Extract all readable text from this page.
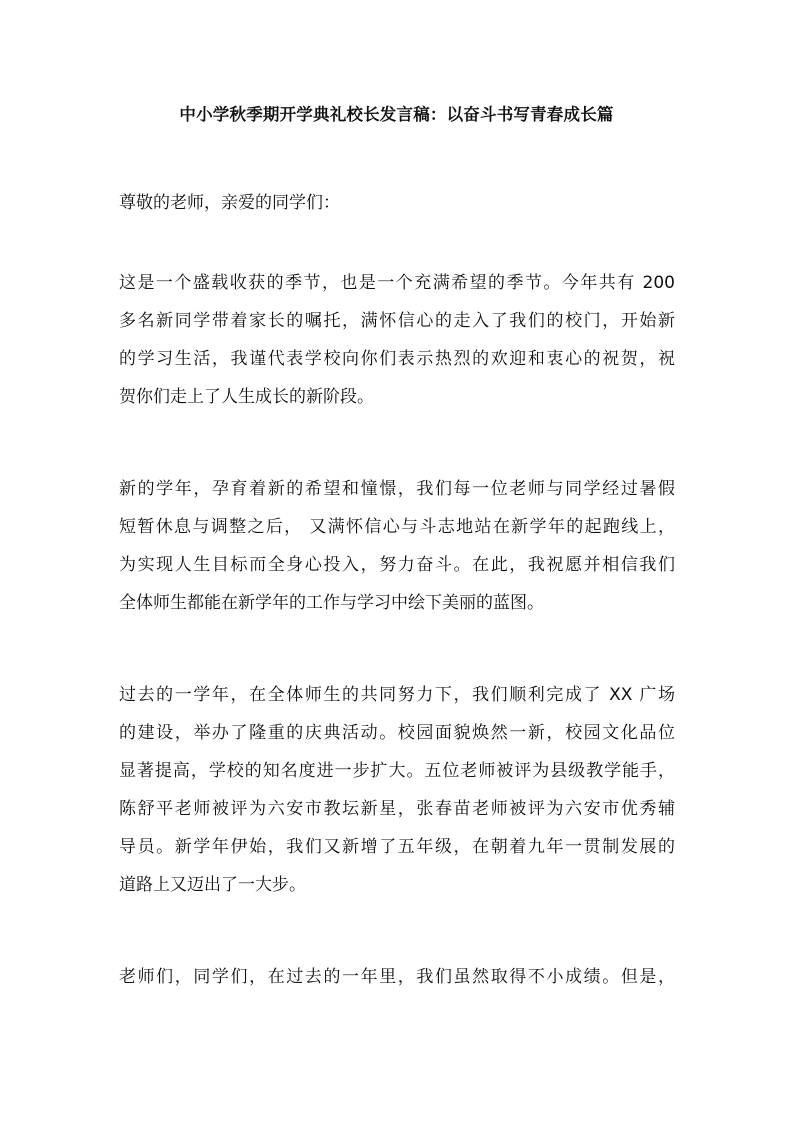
中小学秋季期开学典礼校长发言稿：以奋斗书写青春成长篇
尊敬的老师，亲爱的同学们：
这是一个盛载收获的季节，也是一个充满希望的季节。今年共有 200
多名新同学带着家长的嘱托，满怀信心的走入了我们的校门，开始新
的学习生活，我谨代表学校向你们表示热烈的欢迎和衷心的祝贺，祝
贺你们走上了人生成长的新阶段。
新的学年，孕育着新的希望和憧憬，我们每一位老师与同学经过暑假
短暂休息与调整之后， 又满怀信心与斗志地站在新学年的起跑线上，
为实现人生目标而全身心投入，努力奋斗。在此，我祝愿并相信我们
全体师生都能在新学年的工作与学习中绘下美丽的蓝图。
过去的一学年，在全体师生的共同努力下，我们顺利完成了 XX 广场
的建设，举办了隆重的庆典活动。校园面貌焕然一新，校园文化品位
显著提高，学校的知名度进一步扩大。五位老师被评为县级教学能手，
陈舒平老师被评为六安市教坛新星，张春苗老师被评为六安市优秀辅
导员。新学年伊始，我们又新增了五年级，在朝着九年一贯制发展的
道路上又迈出了一大步。
老师们，同学们，在过去的一年里，我们虽然取得不小成绩。但是，
